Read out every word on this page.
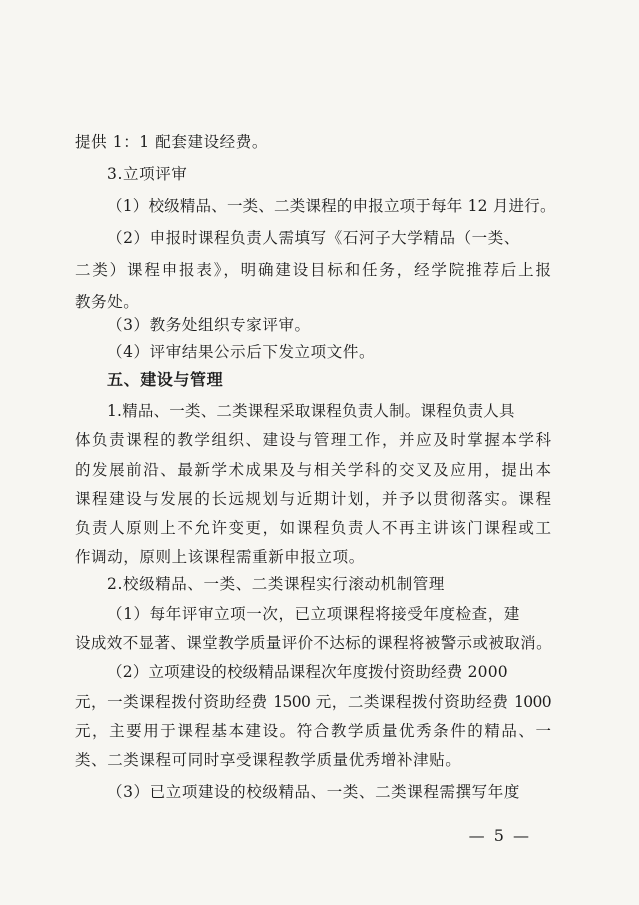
提供 1：1 配套建设经费。
3.立项评审
（1）校级精品、一类、二类课程的申报立项于每年 12 月进行。
（2）申报时课程负责人需填写《石河子大学精品（一类、
二类）课程申报表》，明确建设目标和任务，经学院推荐后上报
教务处。
（3）教务处组织专家评审。
（4）评审结果公示后下发立项文件。
五、建设与管理
1.精品、一类、二类课程采取课程负责人制。课程负责人具
体负责课程的教学组织、建设与管理工作，并应及时掌握本学科
的发展前沿、最新学术成果及与相关学科的交叉及应用，提出本
课程建设与发展的长远规划与近期计划，并予以贯彻落实。课程
负责人原则上不允许变更，如课程负责人不再主讲该门课程或工
作调动，原则上该课程需重新申报立项。
2.校级精品、一类、二类课程实行滚动机制管理
（1）每年评审立项一次，已立项课程将接受年度检查，建
设成效不显著、课堂教学质量评价不达标的课程将被警示或被取消。
（2）立项建设的校级精品课程次年度拨付资助经费 2000
元，一类课程拨付资助经费 1500 元，二类课程拨付资助经费 1000
元，主要用于课程基本建设。符合教学质量优秀条件的精品、一
类、二类课程可同时享受课程教学质量优秀增补津贴。
（3）已立项建设的校级精品、一类、二类课程需撰写年度
— 5 —
